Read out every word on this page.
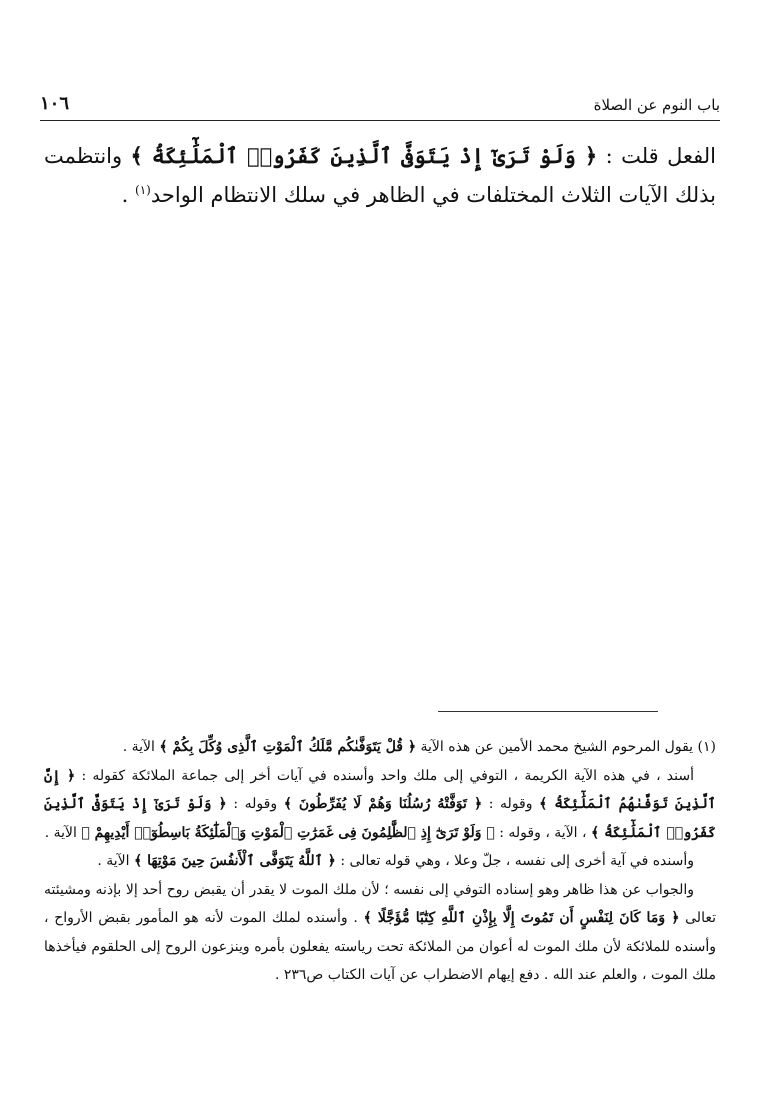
باب النوم عن الصلاة
١٠٦
الفعل قلت : ﴿ وَلَوْ تَرَىٰٓ إِذْ يَتَوَفَّى ٱلَّذِينَ كَفَرُوا۟ ٱلْمَلَٰٓئِكَةُ ﴾ وانتظمت بذلك الآيات الثلاث المختلفات في الظاهر في سلك الانتظام الواحد$^{(١)}$ .

(١) يقول المرحوم الشيخ محمد الأمين عن هذه الآية ﴿ قُلْ يَتَوَفَّىٰكُم مَّلَكُ ٱلْمَوْتِ ٱلَّذِى وُكِّلَ بِكُمْ ﴾ الآية .

أسند ، في هذه الآية الكريمة ، التوفي إلى ملك واحد وأسنده في آيات أخر إلى جماعة الملائكة كقوله : ﴿ إِنَّ ٱلَّذِينَ تَوَفَّىٰهُمُ ٱلْمَلَٰٓئِكَةُ ﴾ وقوله : ﴿ تَوَفَّتْهُ رُسُلُنَا وَهُمْ لَا يُفَرِّطُونَ ﴾ وقوله : ﴿ وَلَوْ تَرَىٰٓ إِذْ يَتَوَفَّى ٱلَّذِينَ كَفَرُوا۟ ٱلْمَلَٰٓئِكَةُ ﴾ ، الآية ، وقوله : ﴿ وَلَوْ تَرَىٰٓ إِذِ ٱلظَّٰلِمُونَ فِى غَمَرَٰتِ ٱلْمَوْتِ وَٱلْمَلَٰٓئِكَةُ بَاسِطُوٓا۟ أَيْدِيهِمْ ﴾ الآية .

وأسنده في آية أخرى إلى نفسه ، جلّ وعلا ، وهي قوله تعالى : ﴿ ٱللَّهُ يَتَوَفَّى ٱلْأَنفُسَ حِينَ مَوْتِهَا ﴾ الآية .

والجواب عن هذا ظاهر وهو إسناده التوفي إلى نفسه ؛ لأن ملك الموت لا يقدر أن يقبض روح أحد إلا بإذنه ومشيئته تعالى ﴿ وَمَا كَانَ لِنَفْسٍ أَن تَمُوتَ إِلَّا بِإِذْنِ ٱللَّهِ كِتَٰبًا مُّؤَجَّلًا ﴾ . وأسنده لملك الموت لأنه هو المأمور بقبض الأرواح ، وأسنده للملائكة لأن ملك الموت له أعوان من الملائكة تحت رياسته يفعلون بأمره وينزعون الروح إلى الحلقوم فيأخذها ملك الموت ، والعلم عند الله . دفع إيهام الاضطراب عن آيات الكتاب ص٢٣٦ .
